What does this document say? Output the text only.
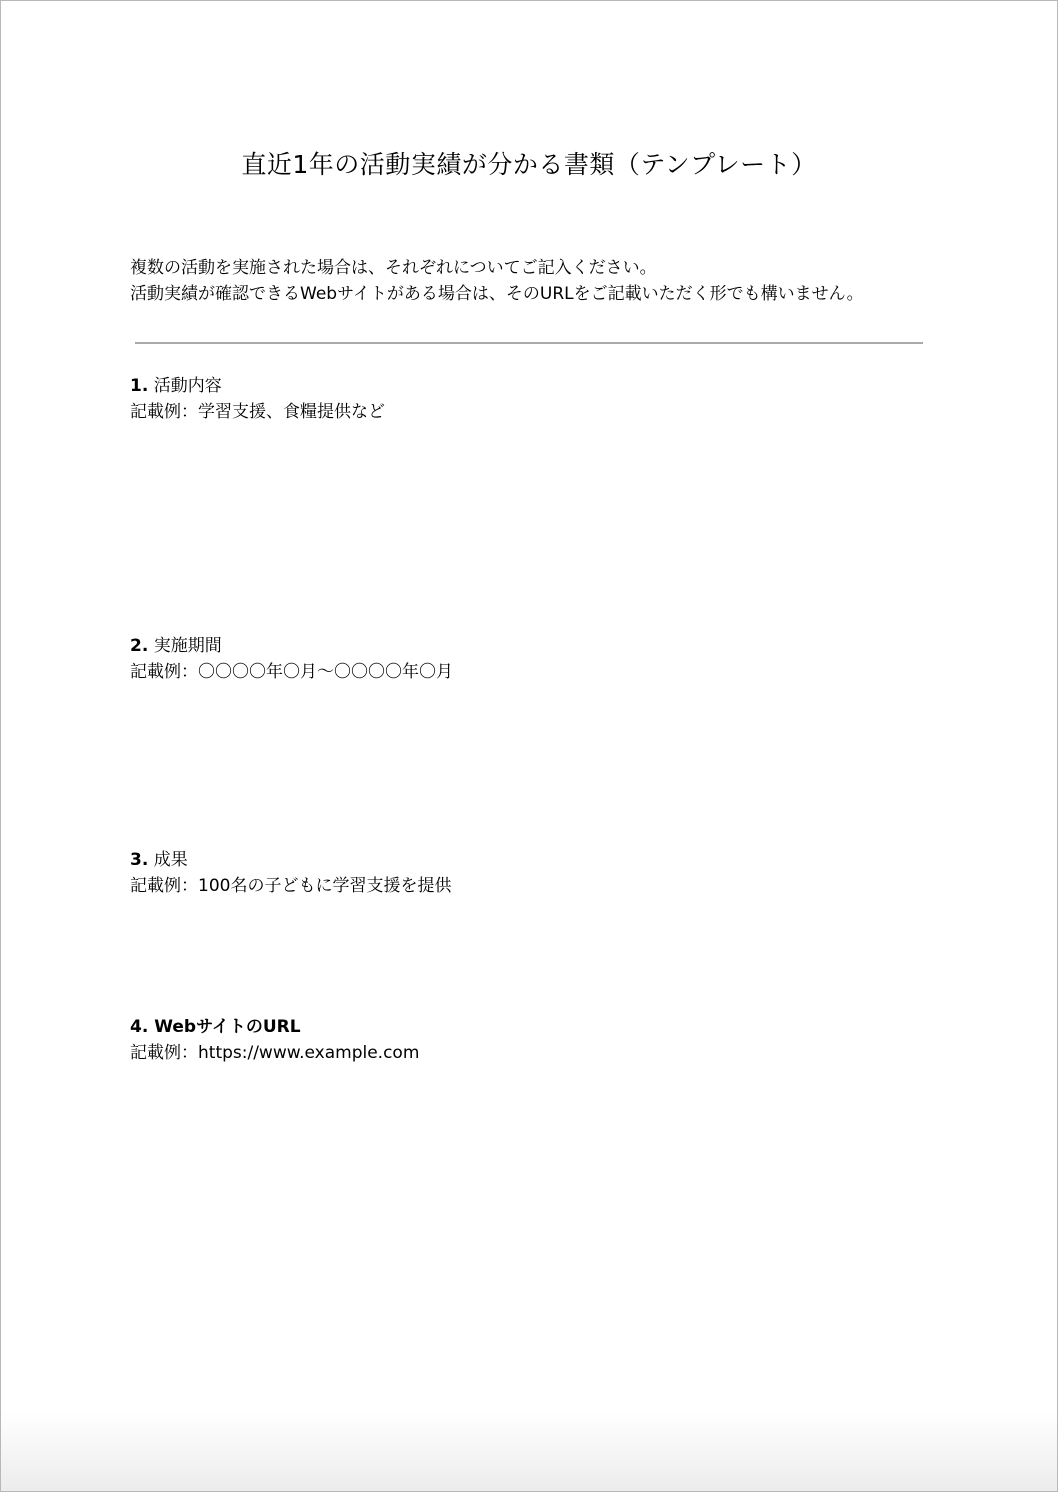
直近1年の活動実績が分かる書類（テンプレート）

複数の活動を実施された場合は、それぞれについてご記入ください。

活動実績が確認できるWebサイトがある場合は、そのURLをご記載いただく形でも構いません。

1. 活動内容

記載例：学習支援、食糧提供など

2. 実施期間

記載例：〇〇〇〇年〇月～〇〇〇〇年〇月

3. 成果

記載例：100名の子どもに学習支援を提供

4. WebサイトのURL

記載例：https://www.example.com
